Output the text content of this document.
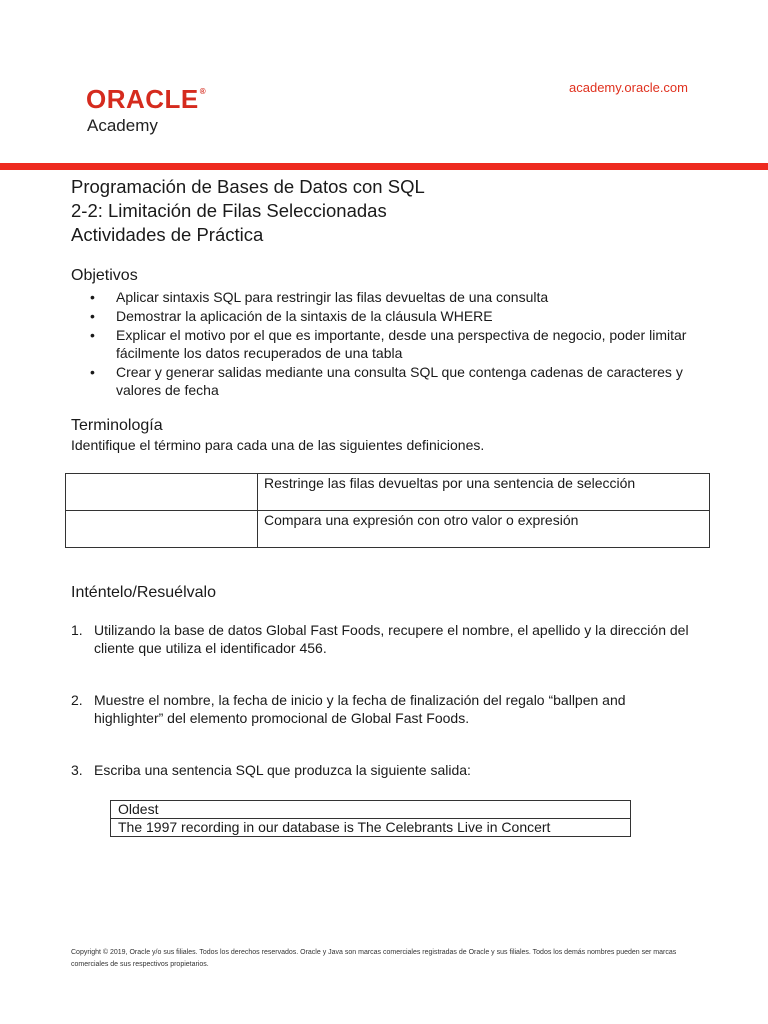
ORACLE®
Academy
academy.oracle.com
Programación de Bases de Datos con SQL
2-2: Limitación de Filas Seleccionadas
Actividades de Práctica
Objetivos
• Aplicar sintaxis SQL para restringir las filas devueltas de una consulta
• Demostrar la aplicación de la sintaxis de la cláusula WHERE
• Explicar el motivo por el que es importante, desde una perspectiva de negocio, poder limitar fácilmente los datos recuperados de una tabla
• Crear y generar salidas mediante una consulta SQL que contenga cadenas de caracteres y valores de fecha
Terminología
Identifique el término para cada una de las siguientes definiciones.
	Restringe las filas devueltas por una sentencia de selección
	Compara una expresión con otro valor o expresión
Inténtelo/Resuélvalo
1. Utilizando la base de datos Global Fast Foods, recupere el nombre, el apellido y la dirección del cliente que utiliza el identificador 456.
2. Muestre el nombre, la fecha de inicio y la fecha de finalización del regalo “ballpen and highlighter” del elemento promocional de Global Fast Foods.
3. Escriba una sentencia SQL que produzca la siguiente salida:
Oldest
The 1997 recording in our database is The Celebrants Live in Concert
Copyright © 2019, Oracle y/o sus filiales. Todos los derechos reservados. Oracle y Java son marcas comerciales registradas de Oracle y sus filiales. Todos los demás nombres pueden ser marcas comerciales de sus respectivos propietarios.
